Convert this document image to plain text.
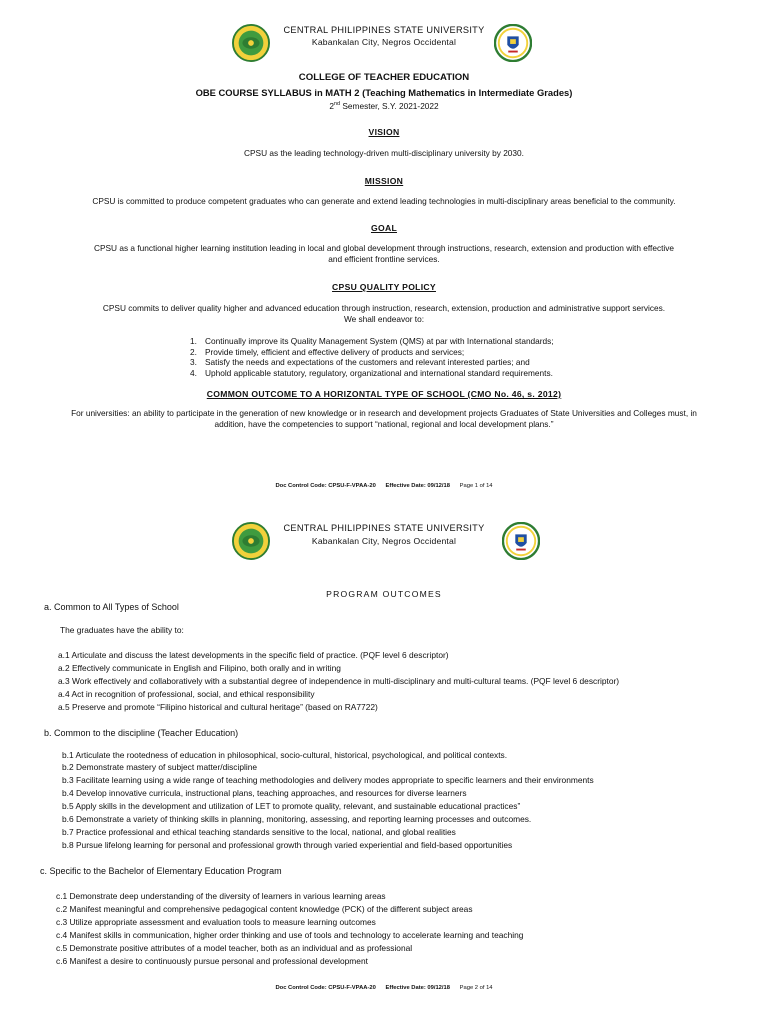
CENTRAL PHILIPPINES STATE UNIVERSITY
Kabankalan City, Negros Occidental
COLLEGE OF TEACHER EDUCATION
OBE COURSE SYLLABUS in MATH 2 (Teaching Mathematics in Intermediate Grades)
2nd Semester, S.Y. 2021-2022
VISION
CPSU as the leading technology-driven multi-disciplinary university by 2030.
MISSION
CPSU is committed to produce competent graduates who can generate and extend leading technologies in multi-disciplinary areas beneficial to the community.
GOAL
CPSU as a functional higher learning institution leading in local and global development through instructions, research, extension and production with effective
and efficient frontline services.
CPSU QUALITY POLICY
CPSU commits to deliver quality higher and advanced education through instruction, research, extension, production and administrative support services.
We shall endeavor to:
1. Continually improve its Quality Management System (QMS) at par with International standards;
2. Provide timely, efficient and effective delivery of products and services;
3. Satisfy the needs and expectations of the customers and relevant interested parties; and
4. Uphold applicable statutory, regulatory, organizational and international standard requirements.
COMMON OUTCOME TO A HORIZONTAL TYPE OF SCHOOL (CMO No. 46, s. 2012)
For universities: an ability to participate in the generation of new knowledge or in research and development projects Graduates of State Universities and Colleges must, in
addition, have the competencies to support “national, regional and local development plans.”
Doc Control Code: CPSU-F-VPAA-20 Effective Date: 09/12/18 Page 1 of 14
CENTRAL PHILIPPINES STATE UNIVERSITY
Kabankalan City, Negros Occidental
PROGRAM OUTCOMES
a. Common to All Types of School
The graduates have the ability to:
a.1 Articulate and discuss the latest developments in the specific field of practice. (PQF level 6 descriptor)
a.2 Effectively communicate in English and Filipino, both orally and in writing
a.3 Work effectively and collaboratively with a substantial degree of independence in multi-disciplinary and multi-cultural teams. (PQF level 6 descriptor)
a.4 Act in recognition of professional, social, and ethical responsibility
a.5 Preserve and promote “Filipino historical and cultural heritage” (based on RA7722)
b. Common to the discipline (Teacher Education)
b.1 Articulate the rootedness of education in philosophical, socio-cultural, historical, psychological, and political contexts.
b.2 Demonstrate mastery of subject matter/discipline
b.3 Facilitate learning using a wide range of teaching methodologies and delivery modes appropriate to specific learners and their environments
b.4 Develop innovative curricula, instructional plans, teaching approaches, and resources for diverse learners
b.5 Apply skills in the development and utilization of LET to promote quality, relevant, and sustainable educational practices”
b.6 Demonstrate a variety of thinking skills in planning, monitoring, assessing, and reporting learning processes and outcomes.
b.7 Practice professional and ethical teaching standards sensitive to the local, national, and global realities
b.8 Pursue lifelong learning for personal and professional growth through varied experiential and field-based opportunities
c. Specific to the Bachelor of Elementary Education Program
c.1 Demonstrate deep understanding of the diversity of learners in various learning areas
c.2 Manifest meaningful and comprehensive pedagogical content knowledge (PCK) of the different subject areas
c.3 Utilize appropriate assessment and evaluation tools to measure learning outcomes
c.4 Manifest skills in communication, higher order thinking and use of tools and technology to accelerate learning and teaching
c.5 Demonstrate positive attributes of a model teacher, both as an individual and as professional
c.6 Manifest a desire to continuously pursue personal and professional development
Doc Control Code: CPSU-F-VPAA-20 Effective Date: 09/12/18 Page 2 of 14
